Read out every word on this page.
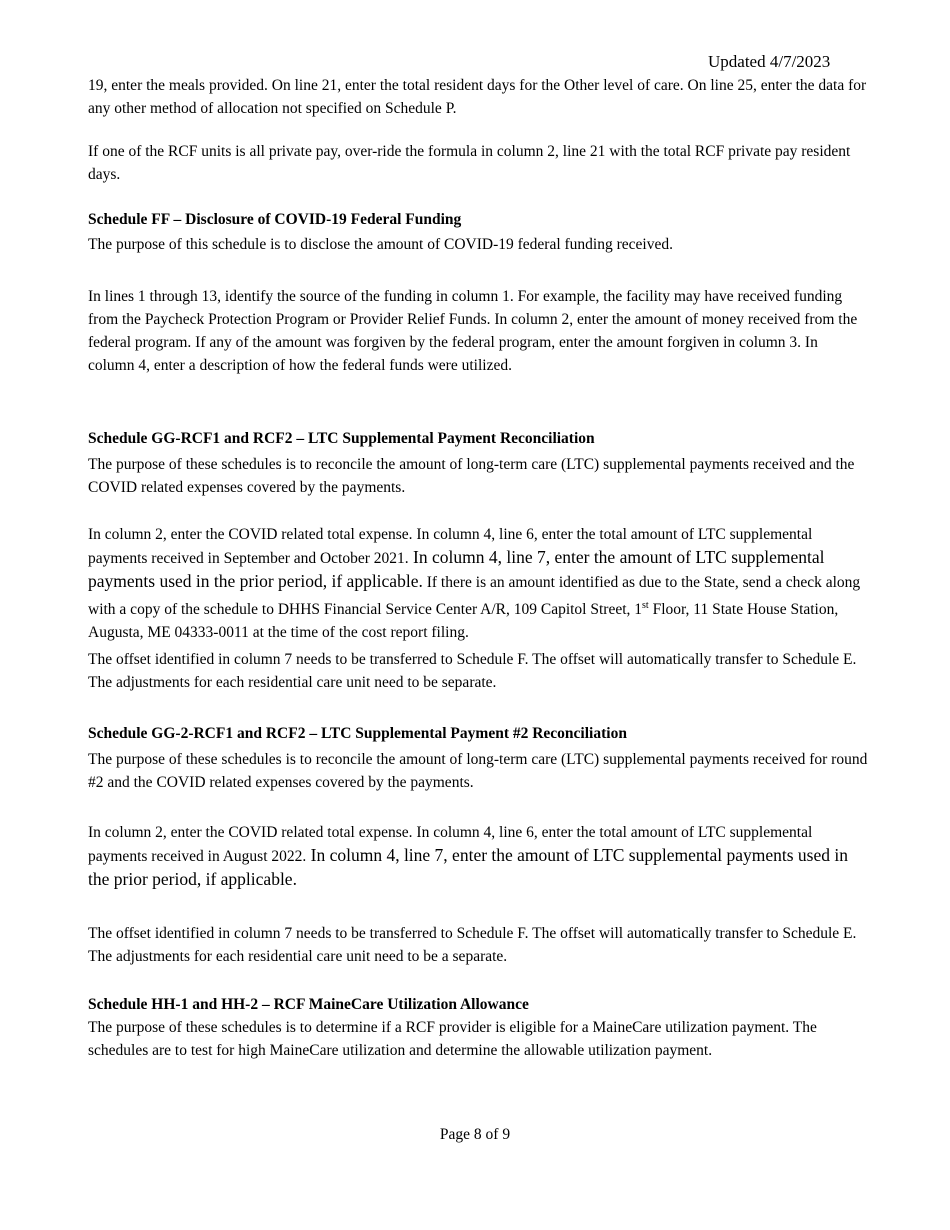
Updated 4/7/2023

19, enter the meals provided. On line 21, enter the total resident days for the Other level of care. On line 25, enter the data for any other method of allocation not specified on Schedule P.

If one of the RCF units is all private pay, over-ride the formula in column 2, line 21 with the total RCF private pay resident days.

Schedule FF – Disclosure of COVID-19 Federal Funding

The purpose of this schedule is to disclose the amount of COVID-19 federal funding received.

In lines 1 through 13, identify the source of the funding in column 1. For example, the facility may have received funding from the Paycheck Protection Program or Provider Relief Funds. In column 2, enter the amount of money received from the federal program. If any of the amount was forgiven by the federal program, enter the amount forgiven in column 3. In column 4, enter a description of how the federal funds were utilized.

Schedule GG-RCF1 and RCF2 – LTC Supplemental Payment Reconciliation

The purpose of these schedules is to reconcile the amount of long-term care (LTC) supplemental payments received and the COVID related expenses covered by the payments.

In column 2, enter the COVID related total expense. In column 4, line 6, enter the total amount of LTC supplemental payments received in September and October 2021. In column 4, line 7, enter the amount of LTC supplemental payments used in the prior period, if applicable. If there is an amount identified as due to the State, send a check along with a copy of the schedule to DHHS Financial Service Center A/R, 109 Capitol Street, 1st Floor, 11 State House Station, Augusta, ME 04333-0011 at the time of the cost report filing.

The offset identified in column 7 needs to be transferred to Schedule F. The offset will automatically transfer to Schedule E. The adjustments for each residential care unit need to be separate.

Schedule GG-2-RCF1 and RCF2 – LTC Supplemental Payment #2 Reconciliation

The purpose of these schedules is to reconcile the amount of long-term care (LTC) supplemental payments received for round #2 and the COVID related expenses covered by the payments.

In column 2, enter the COVID related total expense. In column 4, line 6, enter the total amount of LTC supplemental payments received in August 2022. In column 4, line 7, enter the amount of LTC supplemental payments used in the prior period, if applicable.

The offset identified in column 7 needs to be transferred to Schedule F. The offset will automatically transfer to Schedule E. The adjustments for each residential care unit need to be a separate.

Schedule HH-1 and HH-2 – RCF MaineCare Utilization Allowance

The purpose of these schedules is to determine if a RCF provider is eligible for a MaineCare utilization payment. The schedules are to test for high MaineCare utilization and determine the allowable utilization payment.

Page 8 of 9
